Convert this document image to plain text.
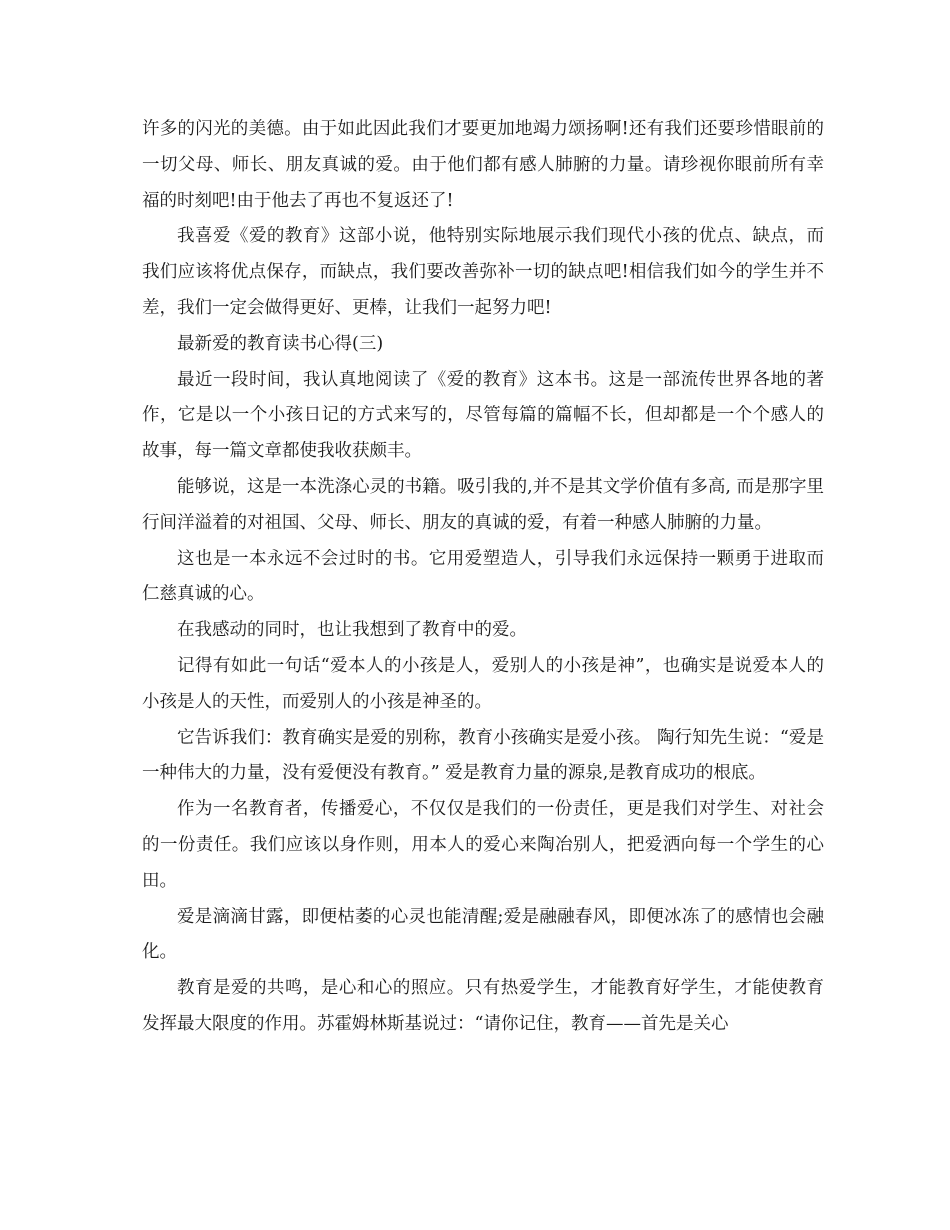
许多的闪光的美德。由于如此因此我们才要更加地竭力颂扬啊!还有我们还要珍惜眼前的一切父母、师长、朋友真诚的爱。由于他们都有感人肺腑的力量。请珍视你眼前所有幸福的时刻吧!由于他去了再也不复返还了!

我喜爱《爱的教育》这部小说，他特别实际地展示我们现代小孩的优点、缺点，而我们应该将优点保存，而缺点，我们要改善弥补一切的缺点吧!相信我们如今的学生并不差，我们一定会做得更好、更棒，让我们一起努力吧!

最新爱的教育读书心得(三)

最近一段时间，我认真地阅读了《爱的教育》这本书。这是一部流传世界各地的著作，它是以一个小孩日记的方式来写的，尽管每篇的篇幅不长，但却都是一个个感人的故事，每一篇文章都使我收获颇丰。

能够说，这是一本洗涤心灵的书籍。吸引我的,并不是其文学价值有多高, 而是那字里行间洋溢着的对祖国、父母、师长、朋友的真诚的爱，有着一种感人肺腑的力量。

这也是一本永远不会过时的书。它用爱塑造人，引导我们永远保持一颗勇于进取而仁慈真诚的心。

在我感动的同时，也让我想到了教育中的爱。

记得有如此一句话“爱本人的小孩是人，爱别人的小孩是神”，也确实是说爱本人的小孩是人的天性，而爱别人的小孩是神圣的。

它告诉我们：教育确实是爱的别称，教育小孩确实是爱小孩。 陶行知先生说：“爱是一种伟大的力量，没有爱便没有教育。” 爱是教育力量的源泉,是教育成功的根底。

作为一名教育者，传播爱心，不仅仅是我们的一份责任，更是我们对学生、对社会的一份责任。我们应该以身作则，用本人的爱心来陶冶别人，把爱洒向每一个学生的心田。

爱是滴滴甘露，即便枯萎的心灵也能清醒;爱是融融春风，即便冰冻了的感情也会融化。

教育是爱的共鸣，是心和心的照应。只有热爱学生，才能教育好学生，才能使教育发挥最大限度的作用。苏霍姆林斯基说过：“请你记住，教育——首先是关心
